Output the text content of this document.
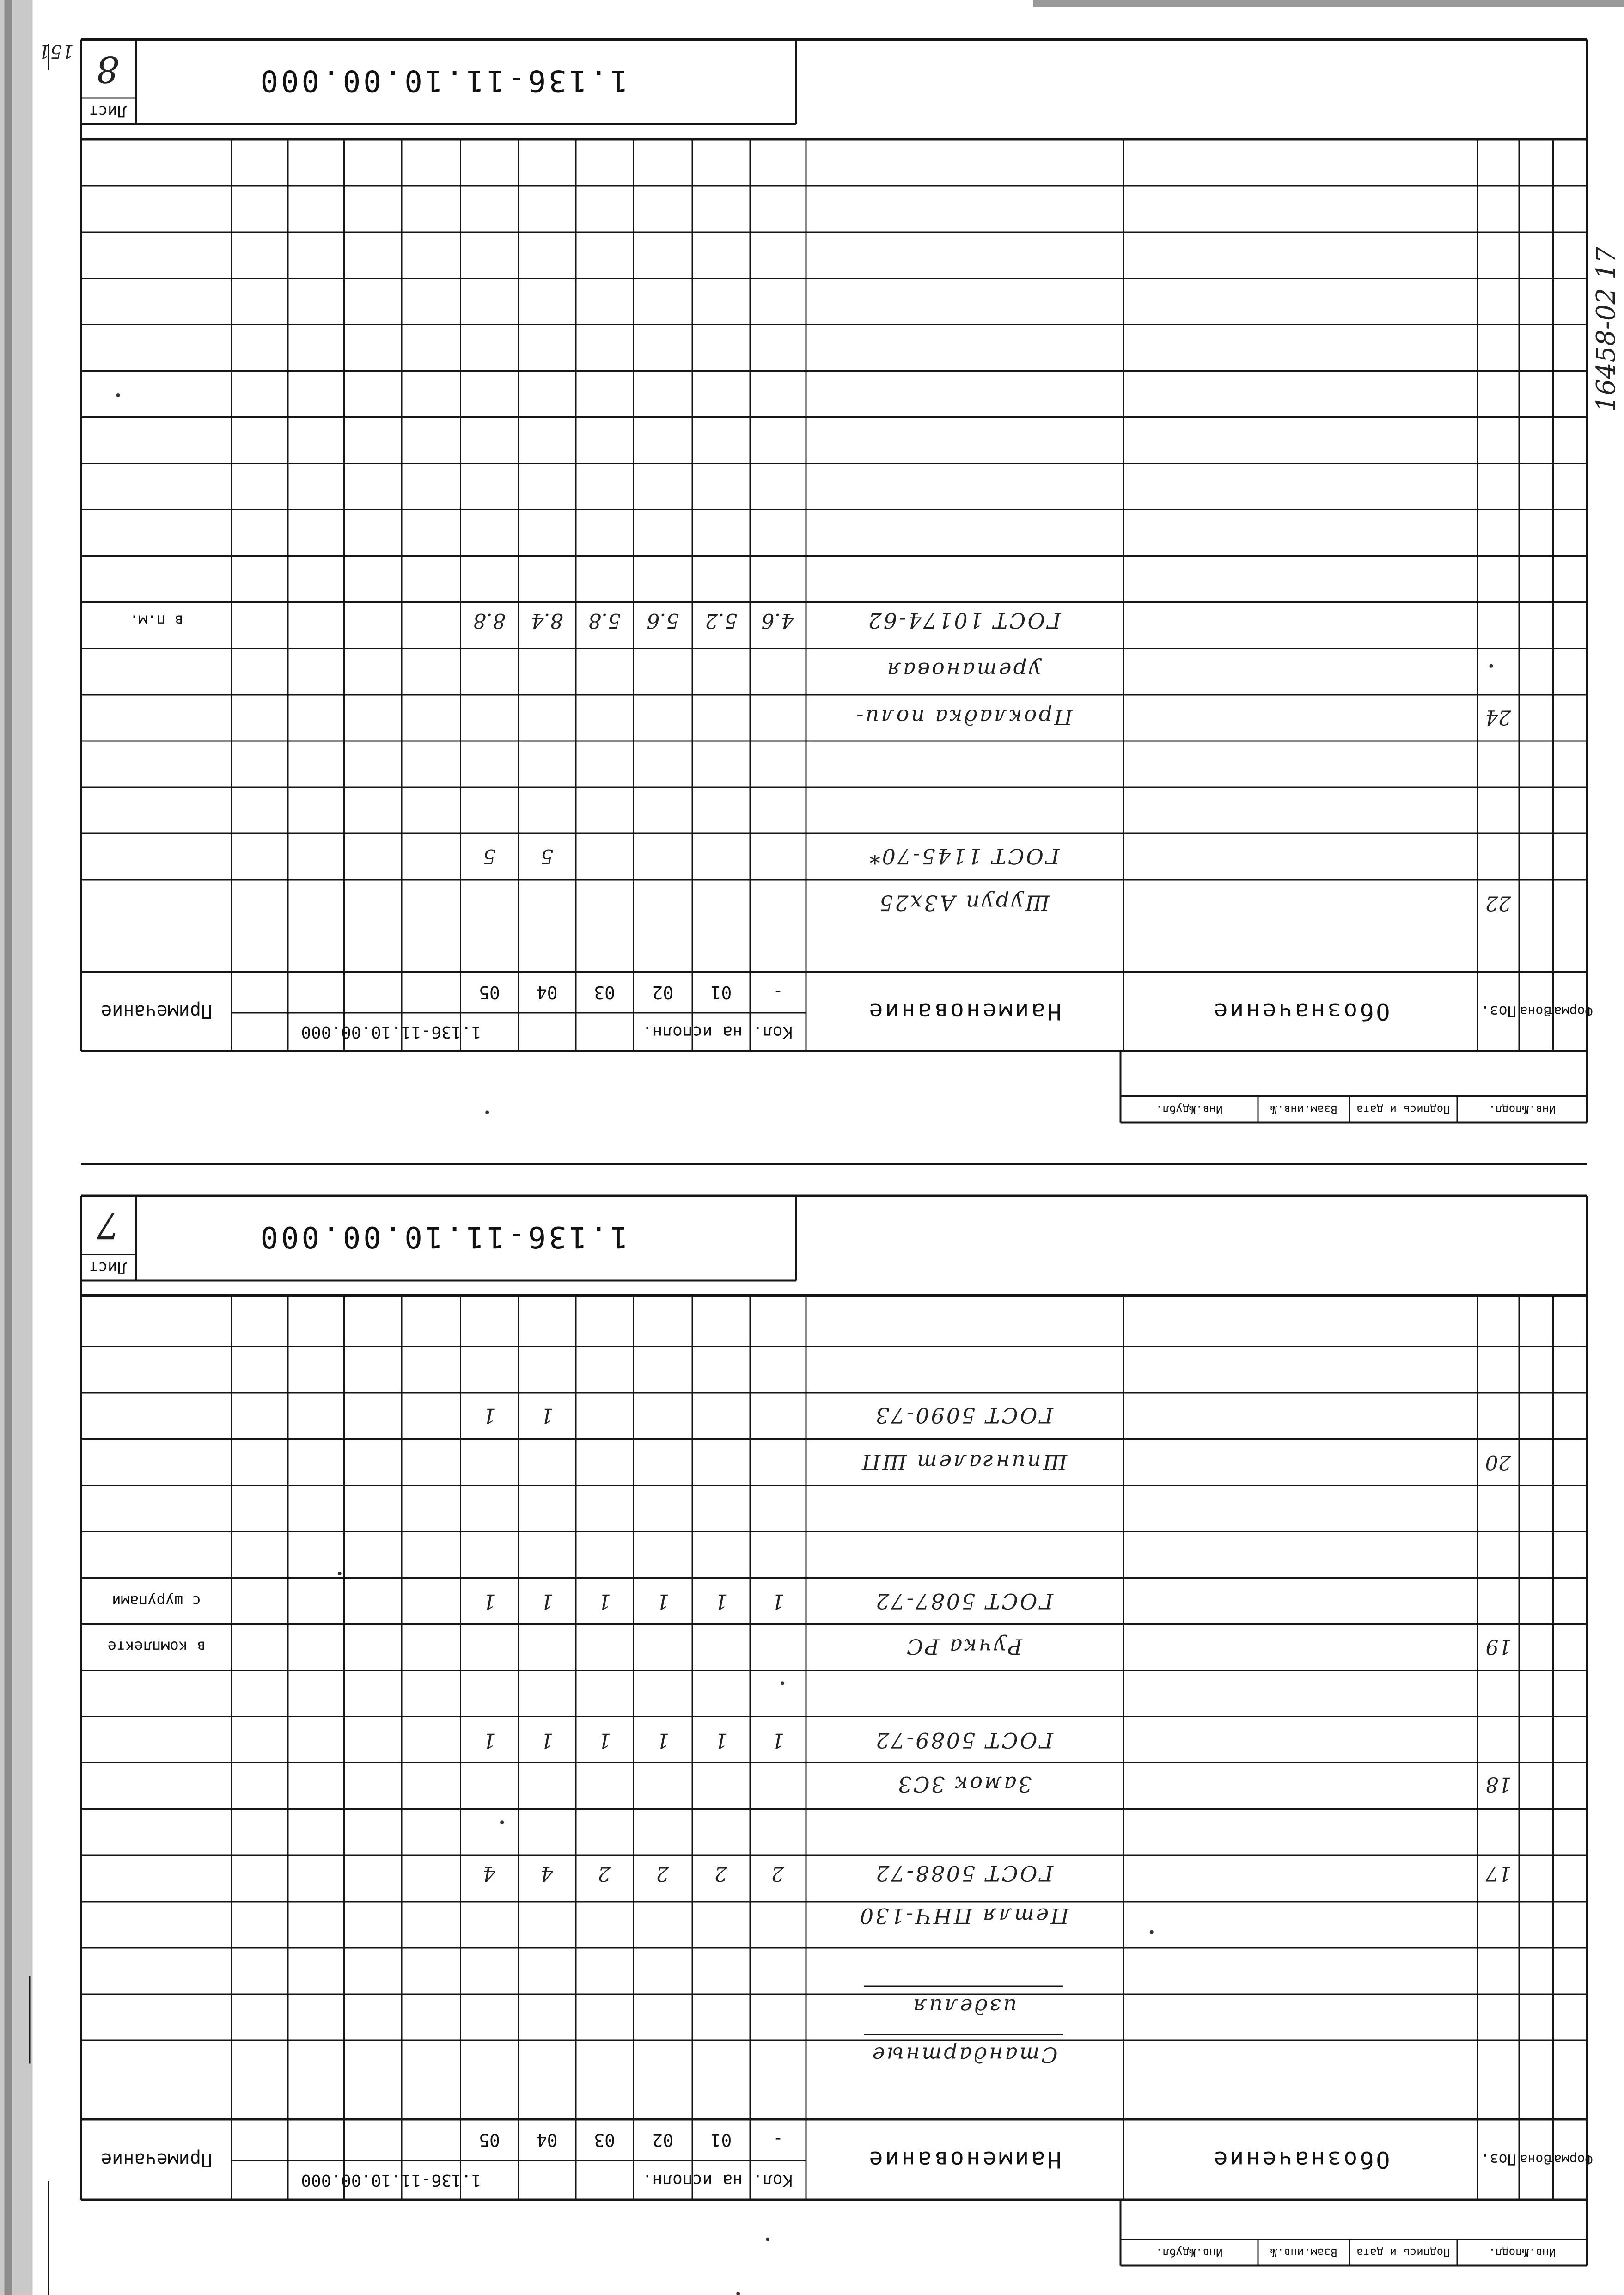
151
16458-02 17
Лист
8	1.136-11.10.00.000
Формат
Зона
Поз.
Обозначение
Наименование
-
01
02
03
04
05
Кол. на исполн.
1.136-11.10.00.000
Примечание
Инв.№подл.
Подпись и дата
Взам.инв.№
Инв.№дубл.
22
Шуруп А3х25
ГОСТ 1145-70*
5
5
24
Прокладка поли-
уретановая
ГОСТ 10174-62
4.6
5.2
5.6
5.8
8.4
8.8
в п.м.
Лист
7	1.136-11.10.00.000
Формат
Зона
Поз.
Обозначение
Наименование
-
01
02
03
04
05
Кол. на исполн.
1.136-11.10.00.000
Примечание
Инв.№подл.
Подпись и дата
Взам.инв.№
Инв.№дубл.
Стандартные
изделия
Петля ПНЧ-130
17
ГОСТ 5088-72
2
2
2
2
4
4
18
Замок ЗСЗ
ГОСТ 5089-72
1
1
1
1
1
1
19
Ручка РС
в комплекте
ГОСТ 5087-72
1
1
1
1
1
1
с шурупами
20
Шпингалет ШП
ГОСТ 5090-73
1
1
